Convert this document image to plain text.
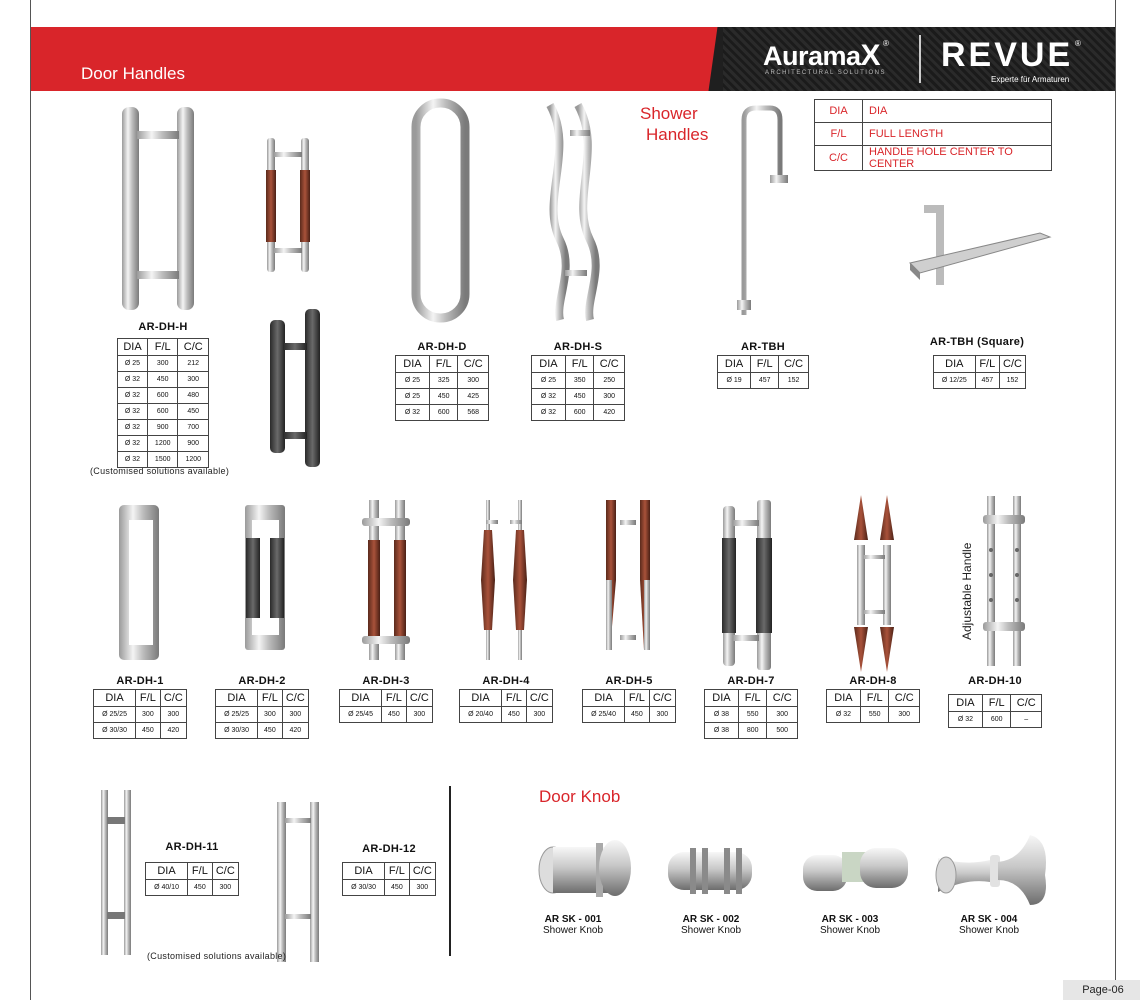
Door Handles
AuramaX ®
ARCHITECTURAL SOLUTIONS REVUE ®
Experte für Armaturen
Page-06
Shower
Handles
DIA	DIA
F/L	FULL LENGTH
C/C	HANDLE HOLE CENTER TO CENTER
AR-DH-H
AR-DH-D	AR-DH-S	AR-TBH	AR-TBH (Square)
AR-DH-1	AR-DH-2	AR-DH-3	AR-DH-4	AR-DH-5	AR-DH-7	AR-DH-8	AR-DH-10
AR-DH-11	AR-DH-12
(Customised solutions available)
(Customised solutions available)
Adjustable Handle
DIA	F/L	C/C
Ø 25	300	212
Ø 32	450	300
Ø 32	600	480
Ø 32	600	450
Ø 32	900	700
Ø 32	1200	900
Ø 32	1500	1200
DIA	F/L	C/C
Ø 25	325	300
Ø 25	450	425
Ø 32	600	568
DIA	F/L	C/C
Ø 25	350	250
Ø 32	450	300
Ø 32	600	420
DIA	F/L	C/C
Ø 19	457	152
DIA	F/L	C/C
Ø 12/25	457	152
DIA	F/L	C/C
Ø 25/25	300	300
Ø 30/30	450	420
DIA	F/L	C/C
Ø 25/25	300	300
Ø 30/30	450	420
DIA	F/L	C/C
Ø 25/45	450	300
DIA	F/L	C/C
Ø 20/40	450	300
DIA	F/L	C/C
Ø 25/40	450	300
DIA	F/L	C/C
Ø 38	550	300
Ø 38	800	500
DIA	F/L	C/C
Ø 32	550	300
DIA	F/L	C/C
Ø 32	600	–
DIA	F/L	C/C
Ø 40/10	450	300
DIA	F/L	C/C
Ø 30/30	450	300
Door Knob
AR SK - 001
Shower Knob
AR SK - 002
Shower Knob
AR SK - 003
Shower Knob
AR SK - 004
Shower Knob
